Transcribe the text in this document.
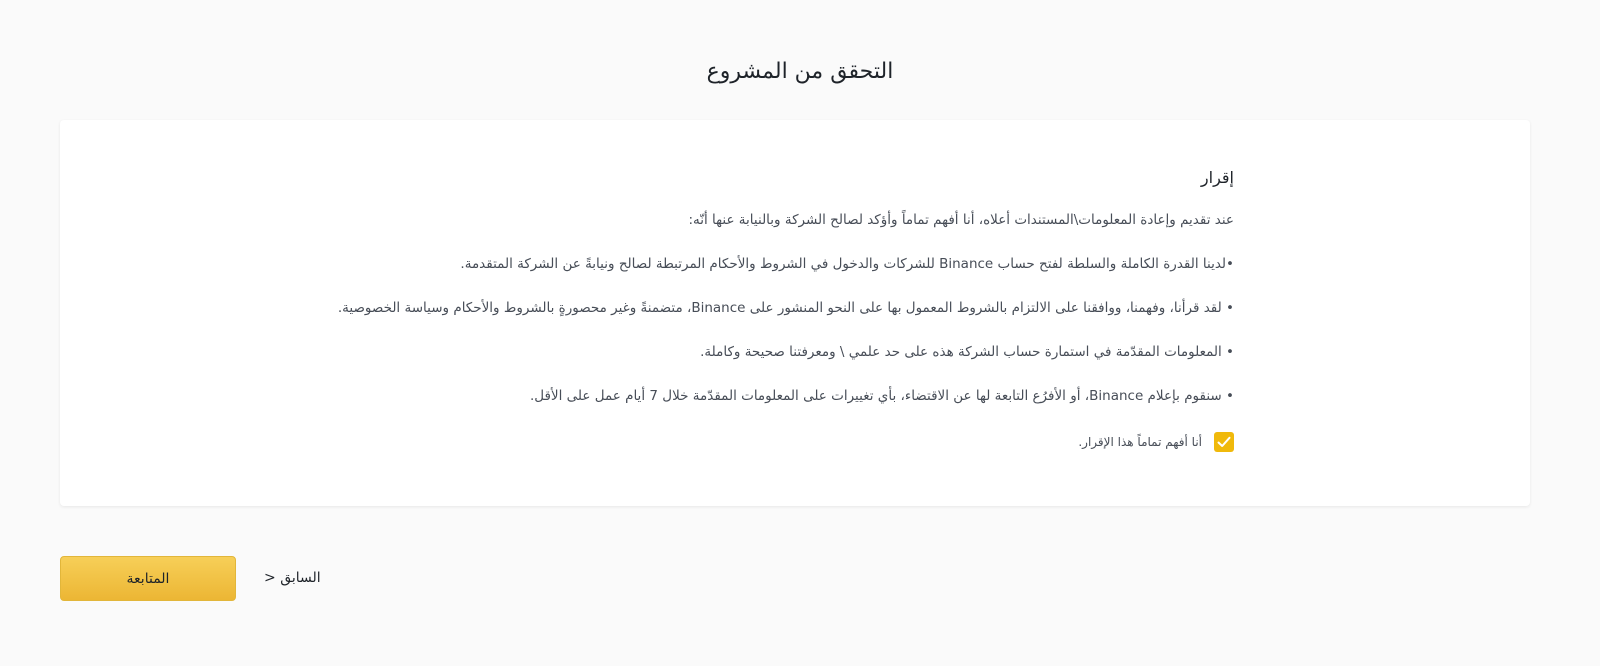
التحقق من المشروع
إقرار
عند تقديم وإعادة المعلومات\المستندات أعلاه، أنا أفهم تماماً وأؤكد لصالح الشركة وبالنيابة عنها أنّه:
•لدينا القدرة الكاملة والسلطة لفتح حساب Binance للشركات والدخول في الشروط والأحكام المرتبطة لصالح ونيابةً عن الشركة المتقدمة.
• لقد قرأنا، وفهمنا، ووافقنا على الالتزام بالشروط المعمول بها على النحو المنشور على Binance، متضمنةً وغير محصورةٍ بالشروط والأحكام وسياسة الخصوصية.
• المعلومات المقدّمة في استمارة حساب الشركة هذه على حد علمي \ ومعرفتنا صحيحة وكاملة.
• سنقوم بإعلام Binance، أو الأفرُع التابعة لها عن الاقتضاء، بأي تغييرات على المعلومات المقدّمة خلال 7 أيام عمل على الأقل.
أنا أفهم تماماً هذا الإقرار.
المتابعة	السابق <
